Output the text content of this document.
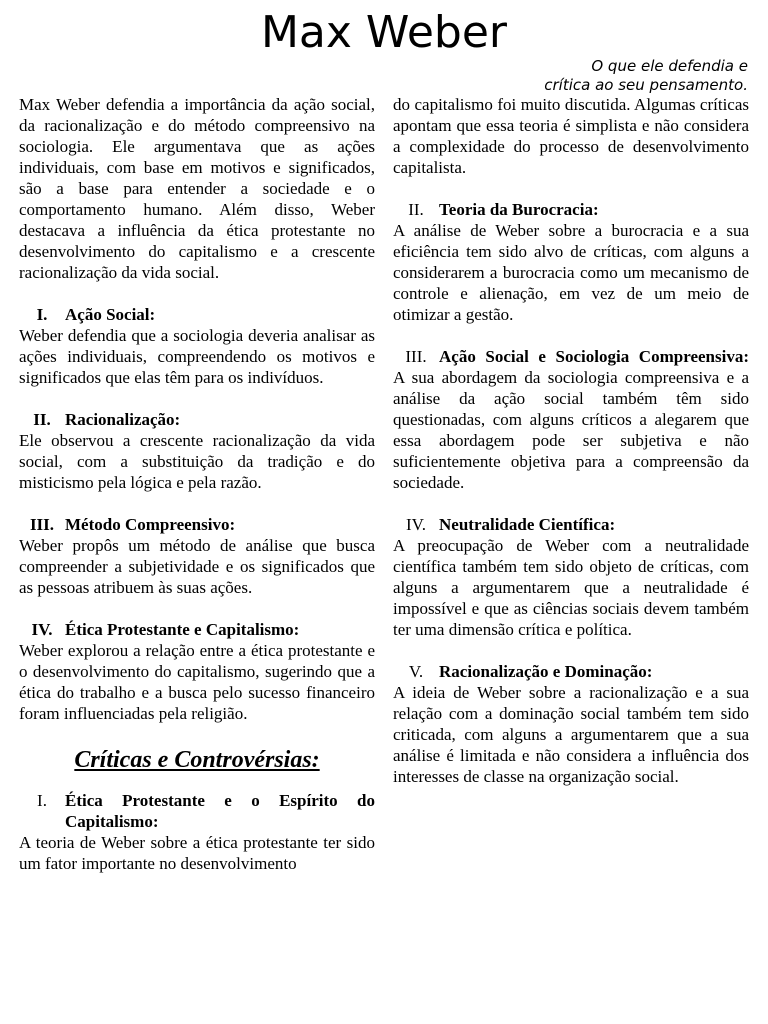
Max Weber
O que ele defendia e
crítica ao seu pensamento.

Max Weber defendia a importância da ação social, da racionalização e do método compreensivo na sociologia. Ele argumentava que as ações individuais, com base em motivos e significados, são a base para entender a sociedade e o comportamento humano. Além disso, Weber destacava a influência da ética protestante no desenvolvimento do capitalismo e a crescente racionalização da vida social.

I.	Ação Social:

Weber defendia que a sociologia deveria analisar as ações individuais, compreendendo os motivos e significados que elas têm para os indivíduos.

II. Racionalização:

Ele observou a crescente racionalização da vida social, com a substituição da tradição e do misticismo pela lógica e pela razão.

III. Método Compreensivo:

Weber propôs um método de análise que busca compreender a subjetividade e os significados que as pessoas atribuem às suas ações.

IV. Ética Protestante e Capitalismo:

Weber explorou a relação entre a ética protestante e o desenvolvimento do capitalismo, sugerindo que a ética do trabalho e a busca pelo sucesso financeiro foram influenciadas pela religião.

Críticas e Controvérsias:
I.	Ética Protestante e o Espírito do Capitalismo:

A teoria de Weber sobre a ética protestante ter sido um fator importante no desenvolvimento

do capitalismo foi muito discutida. Algumas críticas apontam que essa teoria é simplista e não considera a complexidade do processo de desenvolvimento capitalista.

II. Teoria da Burocracia:

A análise de Weber sobre a burocracia e a sua eficiência tem sido alvo de críticas, com alguns a considerarem a burocracia como um mecanismo de controle e alienação, em vez de um meio de otimizar a gestão.

III. Ação Social e Sociologia Compreensiva:

A sua abordagem da sociologia compreensiva e a análise da ação social também têm sido questionadas, com alguns críticos a alegarem que essa abordagem pode ser subjetiva e não suficientemente objetiva para a compreensão da sociedade.

IV. Neutralidade Científica:

A preocupação de Weber com a neutralidade científica também tem sido objeto de críticas, com alguns a argumentarem que a neutralidade é impossível e que as ciências sociais devem também ter uma dimensão crítica e política.

V. Racionalização e Dominação:

A ideia de Weber sobre a racionalização e a sua relação com a dominação social também tem sido criticada, com alguns a argumentarem que a sua análise é limitada e não considera a influência dos interesses de classe na organização social.
